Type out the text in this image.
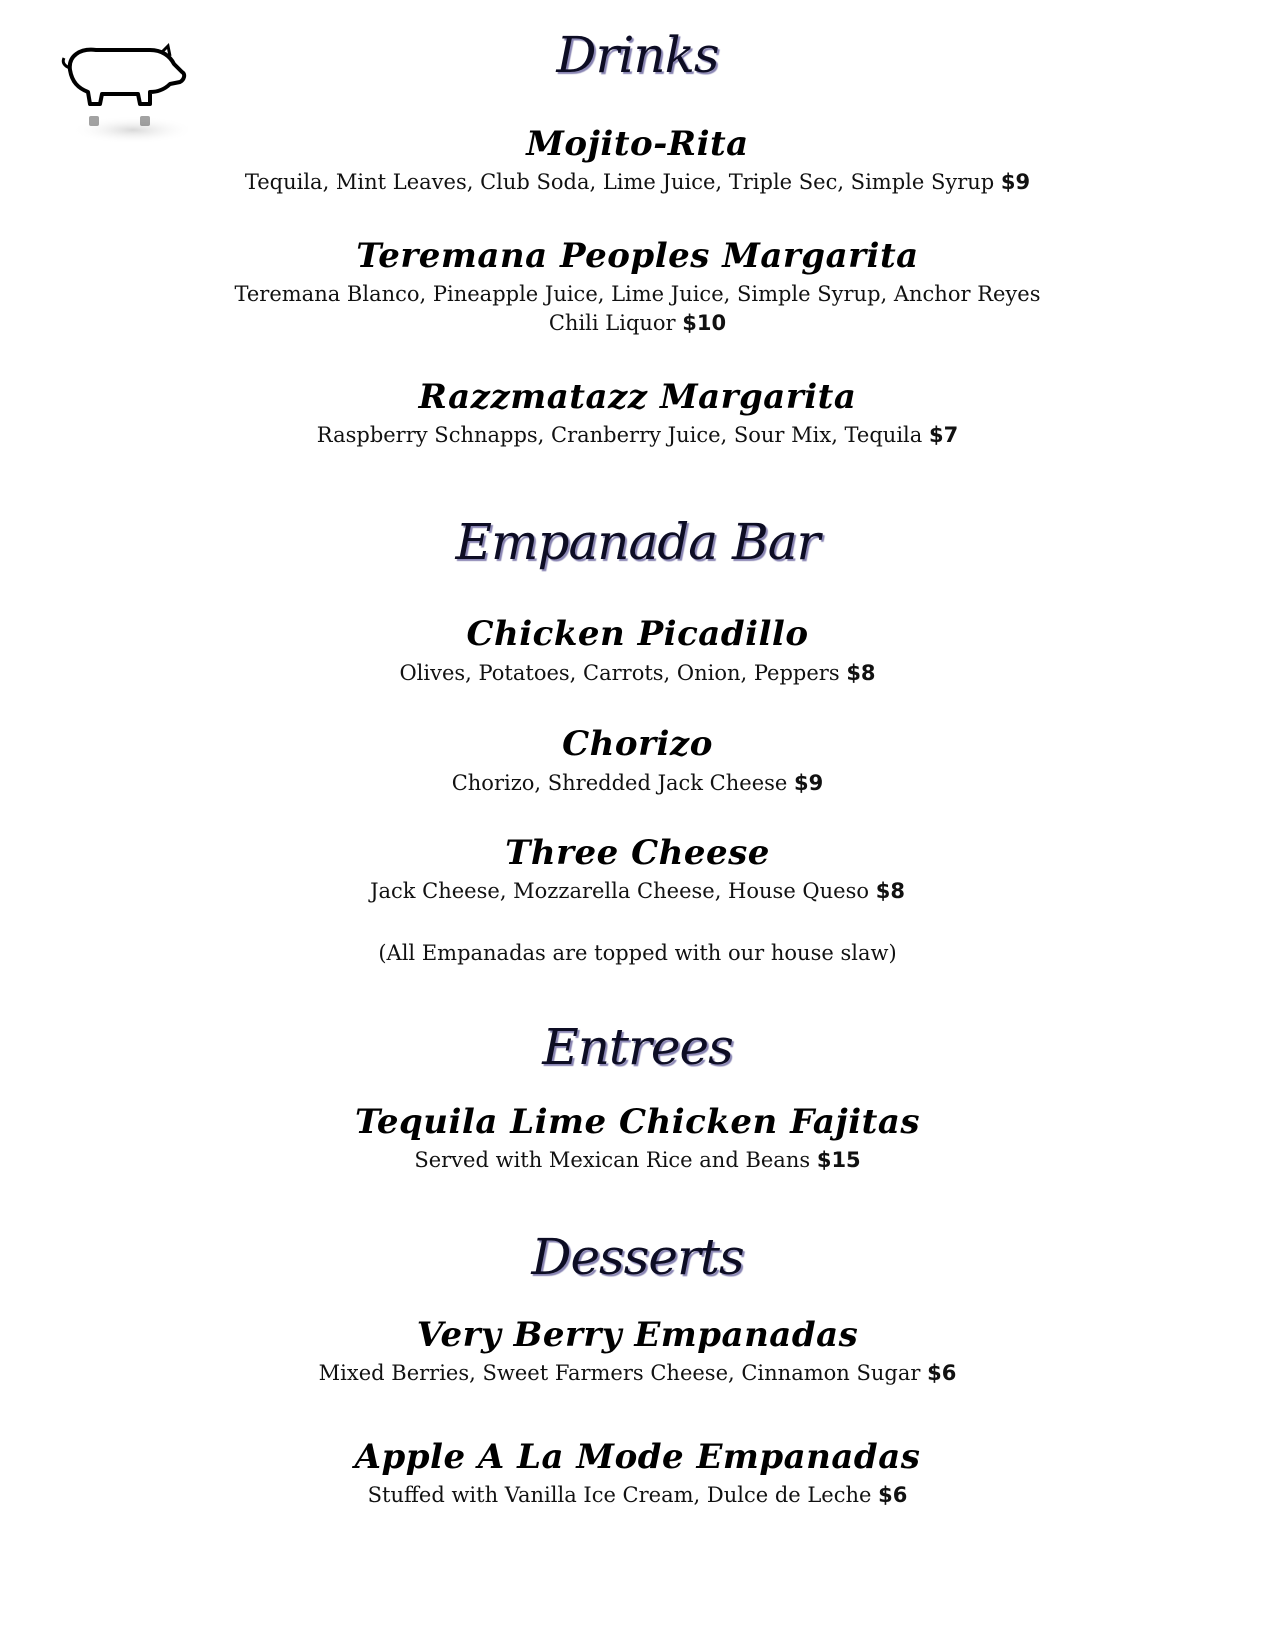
Drinks
Mojito-Rita
Tequila, Mint Leaves, Club Soda, Lime Juice, Triple Sec, Simple Syrup $9
Teremana Peoples Margarita
Teremana Blanco, Pineapple Juice, Lime Juice, Simple Syrup, Anchor Reyes
Chili Liquor $10
Razzmatazz Margarita
Raspberry Schnapps, Cranberry Juice, Sour Mix, Tequila $7
Empanada Bar
Chicken Picadillo
Olives, Potatoes, Carrots, Onion, Peppers $8
Chorizo
Chorizo, Shredded Jack Cheese $9
Three Cheese
Jack Cheese, Mozzarella Cheese, House Queso $8
(All Empanadas are topped with our house slaw)
Entrees
Tequila Lime Chicken Fajitas
Served with Mexican Rice and Beans $15
Desserts
Very Berry Empanadas
Mixed Berries, Sweet Farmers Cheese, Cinnamon Sugar $6
Apple A La Mode Empanadas
Stuffed with Vanilla Ice Cream, Dulce de Leche $6
